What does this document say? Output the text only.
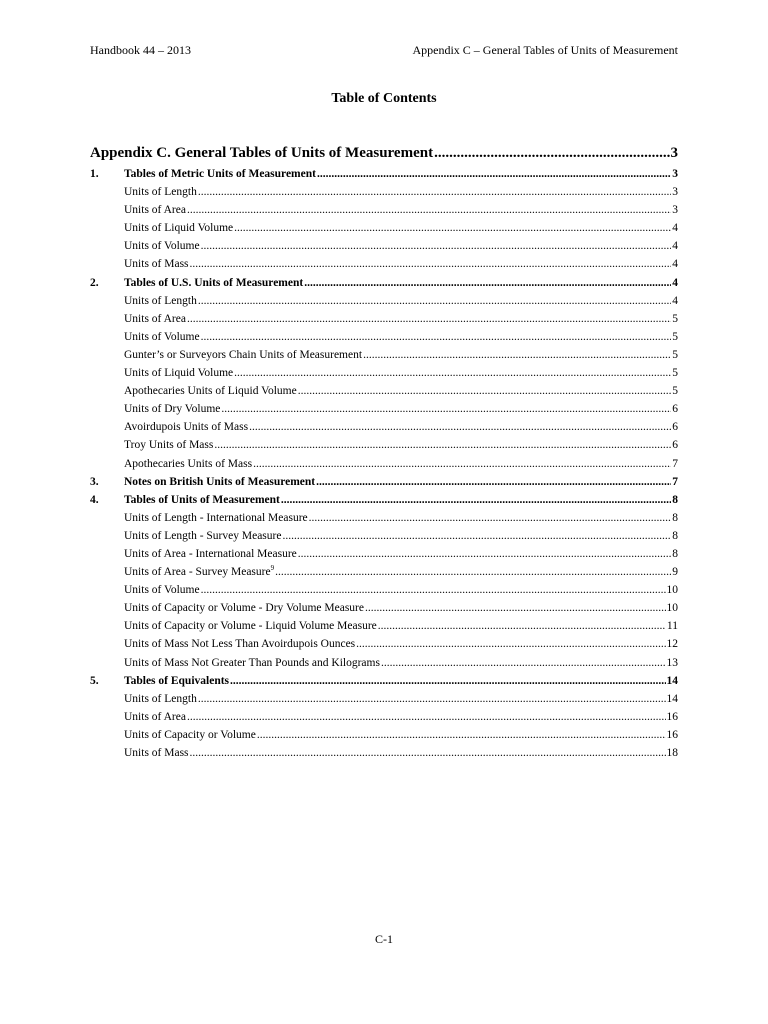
Handbook 44 – 2013	Appendix C – General Tables of Units of Measurement
Table of Contents
Appendix C. General Tables of Units of Measurement .....	3
1.	Tables of Metric Units of Measurement .....	3
Units of Length .....	3
Units of Area .....	3
Units of Liquid Volume .....	4
Units of Volume .....	4
Units of Mass .....	4
2.	Tables of U.S. Units of Measurement .....	4
Units of Length .....	4
Units of Area .....	5
Units of Volume .....	5
Gunter’s or Surveyors Chain Units of Measurement .....	5
Units of Liquid Volume .....	5
Apothecaries Units of Liquid Volume .....	5
Units of Dry Volume .....	6
Avoirdupois Units of Mass .....	6
Troy Units of Mass .....	6
Apothecaries Units of Mass .....	7
3.	Notes on British Units of Measurement .....	7
4.	Tables of Units of Measurement .....	8
Units of Length - International Measure .....	8
Units of Length - Survey Measure .....	8
Units of Area - International Measure .....	8
Units of Area - Survey Measure$^9$ .....	9
Units of Volume .....	10
Units of Capacity or Volume - Dry Volume Measure .....	10
Units of Capacity or Volume - Liquid Volume Measure .....	11
Units of Mass Not Less Than Avoirdupois Ounces .....	12
Units of Mass Not Greater Than Pounds and Kilograms .....	13
5.	Tables of Equivalents .....	14
Units of Length .....	14
Units of Area .....	16
Units of Capacity or Volume .....	16
Units of Mass .....	18
C-1
